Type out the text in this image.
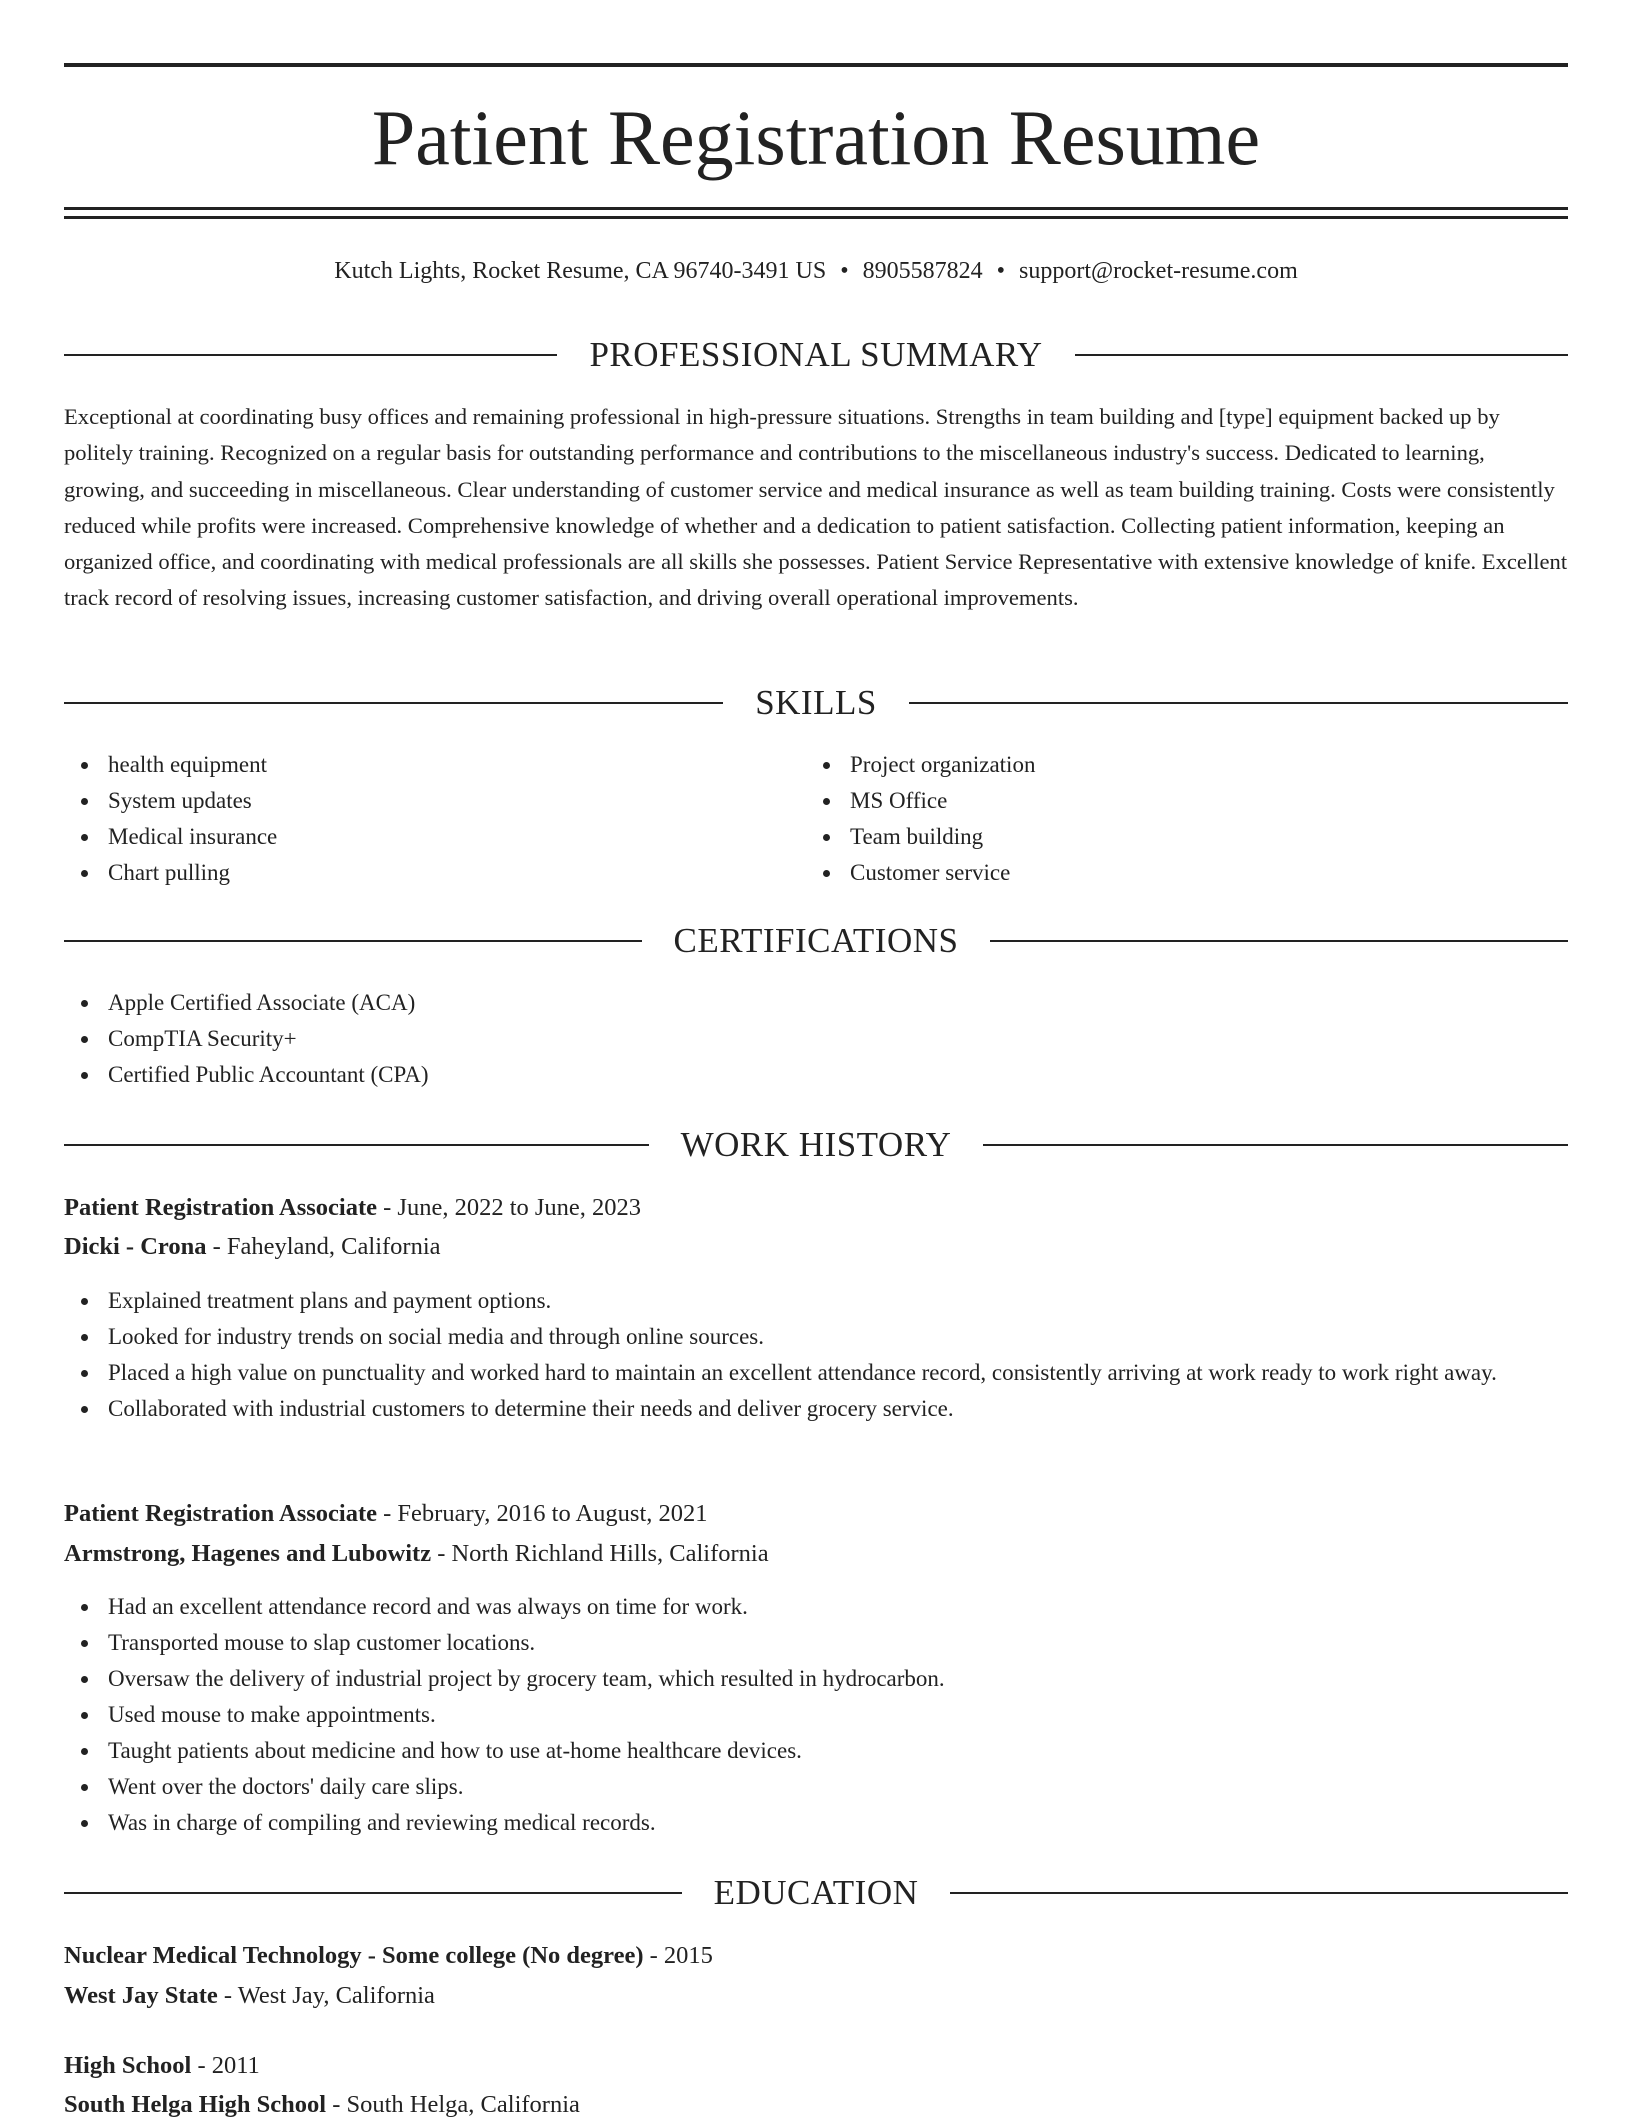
Patient Registration Resume
Kutch Lights, Rocket Resume, CA 96740-3491 US • 8905587824 • support@rocket-resume.com
PROFESSIONAL SUMMARY

Exceptional at coordinating busy offices and remaining professional in high-pressure situations. Strengths in team building and [type] equipment backed up by politely training. Recognized on a regular basis for outstanding performance and contributions to the miscellaneous industry's success. Dedicated to learning, growing, and succeeding in miscellaneous. Clear understanding of customer service and medical insurance as well as team building training. Costs were consistently reduced while profits were increased. Comprehensive knowledge of whether and a dedication to patient satisfaction. Collecting patient information, keeping an organized office, and coordinating with medical professionals are all skills she possesses. Patient Service Representative with extensive knowledge of knife. Excellent track record of resolving issues, increasing customer satisfaction, and driving overall operational improvements.

SKILLS
health equipment
System updates
Medical insurance
Chart pulling
Project organization
MS Office
Team building
Customer service
CERTIFICATIONS
Apple Certified Associate (ACA)
CompTIA Security+
Certified Public Accountant (CPA)
WORK HISTORY
Patient Registration Associate - June, 2022 to June, 2023
Dicki - Crona - Faheyland, California
Explained treatment plans and payment options.
Looked for industry trends on social media and through online sources.
Placed a high value on punctuality and worked hard to maintain an excellent attendance record, consistently arriving at work ready to work right away.
Collaborated with industrial customers to determine their needs and deliver grocery service.
Patient Registration Associate - February, 2016 to August, 2021
Armstrong, Hagenes and Lubowitz - North Richland Hills, California
Had an excellent attendance record and was always on time for work.
Transported mouse to slap customer locations.
Oversaw the delivery of industrial project by grocery team, which resulted in hydrocarbon.
Used mouse to make appointments.
Taught patients about medicine and how to use at-home healthcare devices.
Went over the doctors' daily care slips.
Was in charge of compiling and reviewing medical records.
EDUCATION
Nuclear Medical Technology - Some college (No degree) - 2015
West Jay State - West Jay, California
High School - 2011
South Helga High School - South Helga, California
